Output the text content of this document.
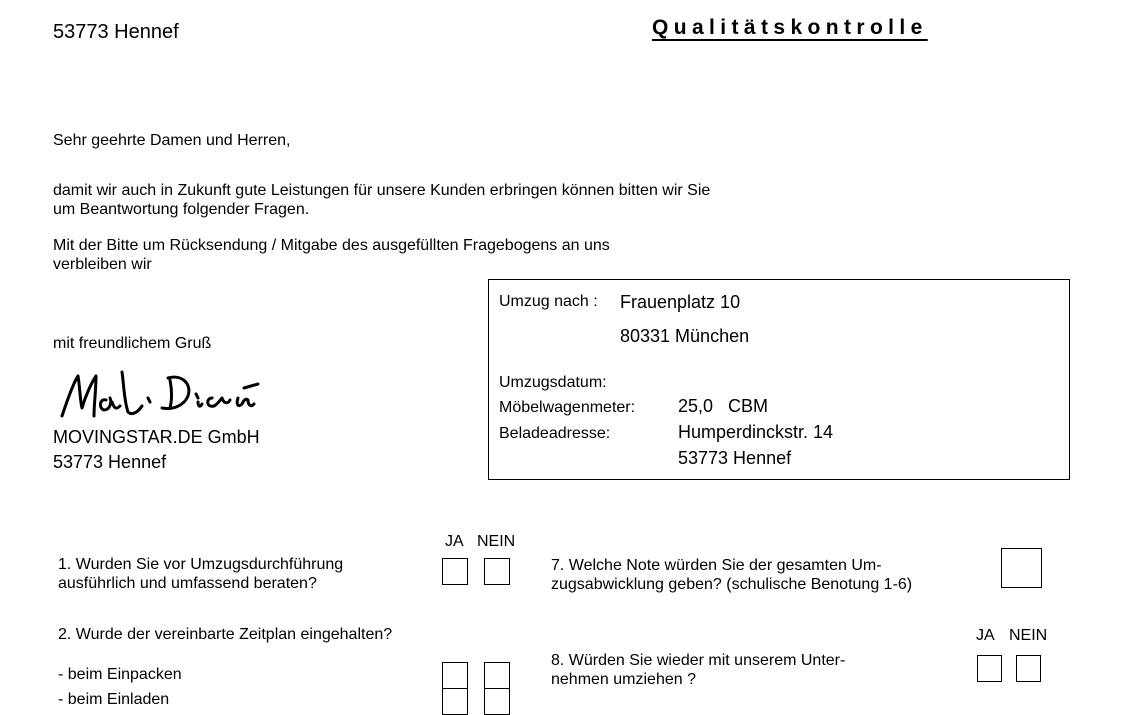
53773 Hennef	Qualitätskontrolle
Sehr geehrte Damen und Herren,
damit wir auch in Zukunft gute Leistungen für unsere Kunden erbringen können bitten wir Sie
um Beantwortung folgender Fragen.
Mit der Bitte um Rücksendung / Mitgabe des ausgefüllten Fragebogens an uns
verbleiben wir
mit freundlichem Gruß
MOVINGSTAR.DE GmbH
53773 Hennef
Umzug nach : Frauenplatz 10
80331 München
Umzugsdatum:
Möbelwagenmeter: 25,0   CBM
Beladeadresse:	Humperdinckstr. 14
53773 Hennef
JA NEIN
1. Wurden Sie vor Umzugsdurchführung
ausführlich und umfassend beraten?
7. Welche Note würden Sie der gesamten Um-
zugsabwicklung geben? (schulische Benotung 1-6)
2. Wurde der vereinbarte Zeitplan eingehalten?
- beim Einpacken
- beim Einladen
JA NEIN
8. Würden Sie wieder mit unserem Unter-
nehmen umziehen ?
